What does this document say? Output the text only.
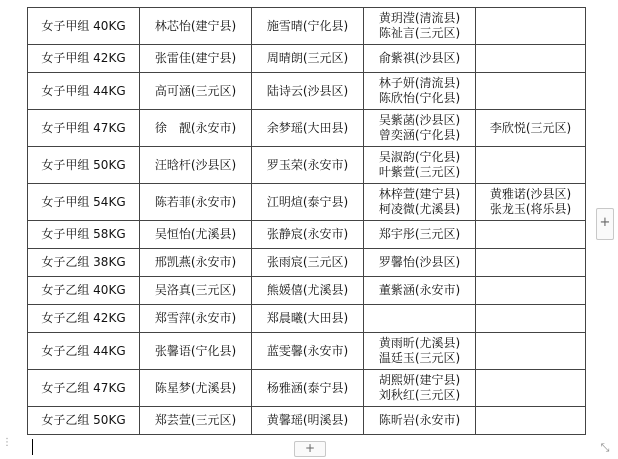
女子甲组 40KG	林芯怡(建宁县)	施雪晴(宁化县)	黄玥滢(清流县)
陈祉言(三元区)	

女子甲组 42KG	张雷佳(建宁县)	周晴朗(三元区)	俞紫祺(沙县区)	

女子甲组 44KG	高可涵(三元区)	陆诗云(沙县区)	林子妍(清流县)
陈欣怡(宁化县)	

女子甲组 47KG	徐　靓(永安市)	余梦瑶(大田县)	吴紫菡(沙县区)
曾奕涵(宁化县)	李欣悦(三元区)

女子甲组 50KG	汪晗杆(沙县区)	罗玉荣(永安市)	吴淑韵(宁化县)
叶紫萱(三元区)	

女子甲组 54KG	陈若菲(永安市)	江明煊(泰宁县)	林梓萱(建宁县)
柯凌微(尤溪县)	黄雅诺(沙县区)
张龙玉(将乐县)

女子甲组 58KG	吴恒怡(尤溪县)	张静宸(永安市)	郑宇彤(三元区)	

女子乙组 38KG	邢凯燕(永安市)	张雨宸(三元区)	罗馨怡(沙县区)	

女子乙组 40KG	吴洛真(三元区)	熊媛僖(尤溪县)	董紫涵(永安市)	

女子乙组 42KG	郑雪萍(永安市)	郑晨曦(大田县)		

女子乙组 44KG	张馨语(宁化县)	蓝雯馨(永安市)	黄雨昕(尤溪县)
温廷玉(三元区)	

女子乙组 47KG	陈星梦(尤溪县)	杨雅涵(泰宁县)	胡熙妍(建宁县)
刘秋红(三元区)	

女子乙组 50KG	郑芸萱(三元区)	黄馨瑶(明溪县)	陈昕岩(永安市)	

+
+	⤡
⋮
